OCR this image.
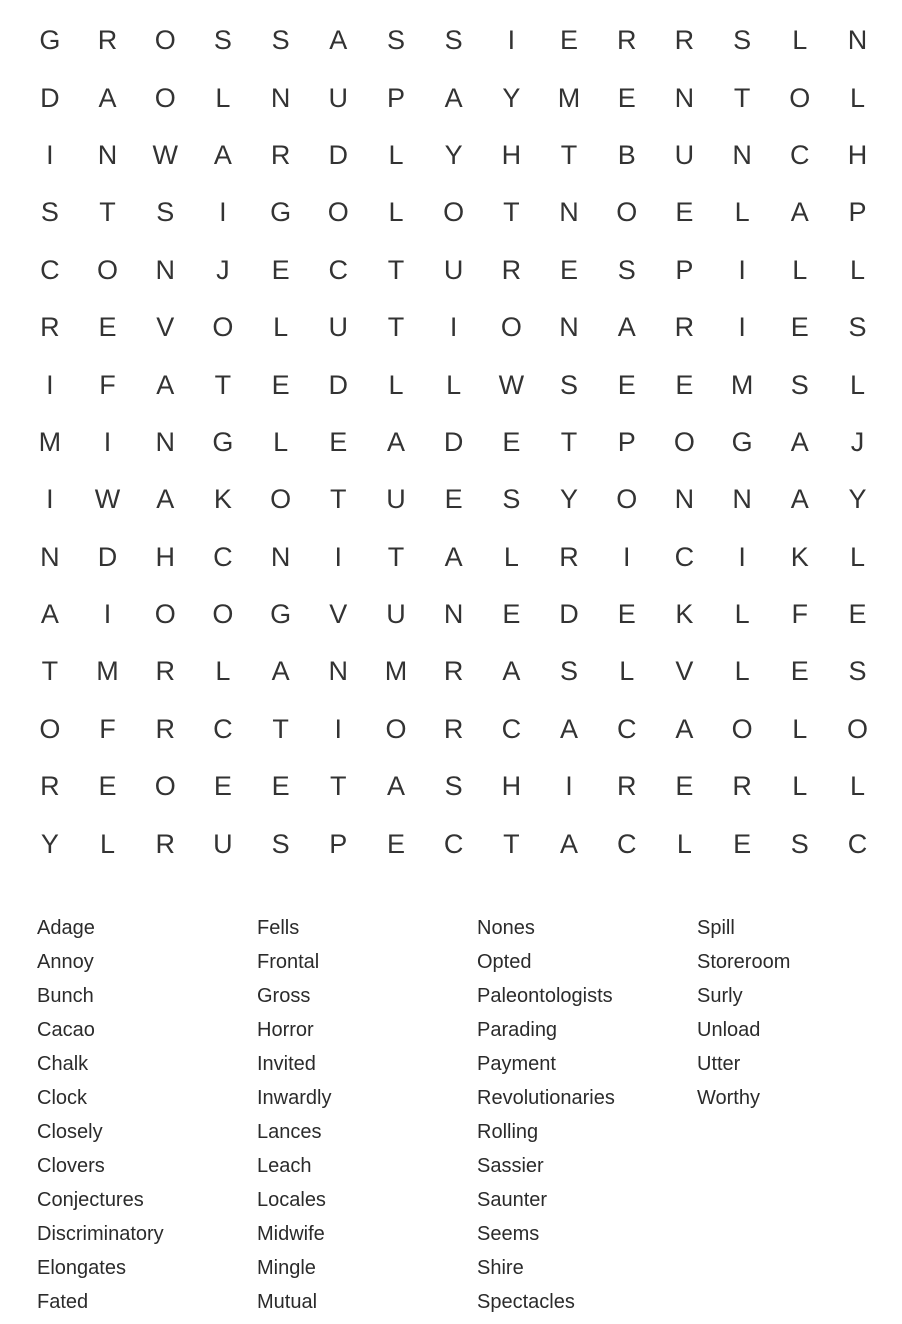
G	R	O	S	S	A	S	S	I	E	R	R	S	L	N
D	A	O	L	N	U	P	A	Y	M	E	N	T	O	L
I	N	W	A	R	D	L	Y	H	T	B	U	N	C	H
S	T	S	I	G	O	L	O	T	N	O	E	L	A	P
C	O	N	J	E	C	T	U	R	E	S	P	I	L	L
R	E	V	O	L	U	T	I	O	N	A	R	I	E	S
I	F	A	T	E	D	L	L	W	S	E	E	M	S	L
M	I	N	G	L	E	A	D	E	T	P	O	G	A	J
I	W	A	K	O	T	U	E	S	Y	O	N	N	A	Y
N	D	H	C	N	I	T	A	L	R	I	C	I	K	L
A	I	O	O	G	V	U	N	E	D	E	K	L	F	E
T	M	R	L	A	N	M	R	A	S	L	V	L	E	S
O	F	R	C	T	I	O	R	C	A	C	A	O	L	O
R	E	O	E	E	T	A	S	H	I	R	E	R	L	L
Y	L	R	U	S	P	E	C	T	A	C	L	E	S	C
Adage
Annoy
Bunch
Cacao
Chalk
Clock
Closely
Clovers
Conjectures
Discriminatory
Elongates
Fated
Fells
Frontal
Gross
Horror
Invited
Inwardly
Lances
Leach
Locales
Midwife
Mingle
Mutual
Nones
Opted
Paleontologists
Parading
Payment
Revolutionaries
Rolling
Sassier
Saunter
Seems
Shire
Spectacles
Spill
Storeroom
Surly
Unload
Utter
Worthy
